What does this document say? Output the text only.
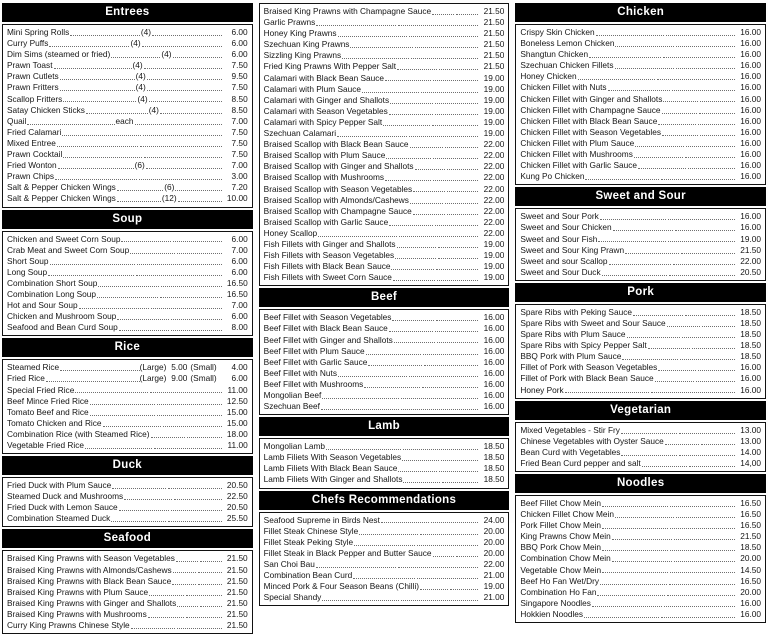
Entrees
Mini Spring Rolls	(4)	6.00
Curry Puffs	(4)	6.00
Dim Sims (steamed or fried)	(4)	6.00
Prawn Toast	(4)	7.50
Prawn Cutlets	(4)	9.50
Prawn Fritters	(4)	7.50
Scallop Fritters	(4)	8.50
Satay Chicken Sticks	(4)	8.50
Quail	each	7.00
Fried Calamari	7.50
Mixed Entree	7.50
Prawn Cocktail	7.50
Fried Wonton	(6)	7.00
Prawn Chips	3.00
Salt & Pepper Chicken Wings	(6)	7.20
Salt & Pepper Chicken Wings	(12)	10.00
Soup
Chicken and Sweet Corn Soup	6.00
Crab Meat and Sweet Corn Soup	7.00
Short Soup	6.00
Long Soup	6.00
Combination Short Soup	16.50
Combination Long Soup	16.50
Hot and Sour Soup	7.00
Chicken and Mushroom Soup	6.00
Seafood and Bean Curd Soup	8.00
Rice
Steamed Rice	(Large) 5.00 (Small)	4.00
Fried Rice	(Large) 9.00 (Small)	6.00
Special Fried Rice	11.00
Beef Mince Fried Rice	12.50
Tomato Beef and Rice	15.00
Tomato Chicken and Rice	15.00
Combination Rice (with Steamed Rice)	18.00
Vegetable Fried Rice	11.00
Duck
Fried Duck with Plum Sauce	20.50
Steamed Duck and Mushrooms	22.50
Fried Duck with Lemon Sauce	20.50
Combination Steamed Duck	25.50
Seafood
Braised King Prawns with Season Vegetables	21.50
Braised King Prawns with Almonds/Cashews	21.50
Braised King Prawns with Black Bean Sauce	21.50
Braised King Prawns with Plum Sauce	21.50
Braised King Prawns with Ginger and Shallots	21.50
Braised King Prawns with Mushrooms	21.50
Curry King Prawns Chinese Style	21.50
Braised King Prawns with Champagne Sauce	21.50
Garlic Prawns	21.50
Honey King Prawns	21.50
Szechuan King Prawns	21.50
Sizzling King Prawns	21.50
Fried King Prawns With Pepper Salt	21.50
Calamari with Black Bean Sauce	19.00
Calamari with Plum Sauce	19.00
Calamari with Ginger and Shallots	19.00
Calamari with Season Vegetables	19.00
Calamari with Spicy Pepper Salt	19.00
Szechuan Calamari	19.00
Braised Scallop with Black Bean Sauce	22.00
Braised Scallop with Plum Sauce	22.00
Braised Scallop with Ginger and Shallots	22.00
Braised Scallop with Mushrooms	22.00
Braised Scallop with Season Vegetables	22.00
Braised Scallop with Almonds/Cashews	22.00
Braised Scallop with Champagne Sauce	22.00
Braised Scallop with Garlic Sauce	22.00
Honey Scallop	22.00
Fish Fillets with Ginger and Shallots	19.00
Fish Fillets with Season Vegetables	19.00
Fish Fillets with Black Bean Sauce	19.00
Fish Fillets with Sweet Corn Sauce	19.00
Beef
Beef Fillet with Season Vegetables	16.00
Beef Fillet with Black Bean Sauce	16.00
Beef Fillet with Ginger and Shallots	16.00
Beef Fillet with Plum Sauce	16.00
Beef Fillet with Garlic Sauce	16.00
Beef Fillet with Nuts	16.00
Beef Fillet with Mushrooms	16.00
Mongolian Beef	16.00
Szechuan Beef	16.00
Lamb
Mongolian Lamb	18.50
Lamb Filiets With Season Vegetables	18.50
Lamb Filiets With Black Bean Sauce	18.50
Lamb Filiets With Ginger and Shallots	18.50
Chefs Recommendations
Seafood Supreme in Birds Nest	24.00
Fillet Steak Chinese Style	20.00
Fillet Steak Peking Style	20.00
Fillet Steak in Black Pepper and Butter Sauce	20.00
San Choi Bau	22.00
Combination Bean Curd	21.00
Minced Pork & Four Season Beans (Chilli)	19.00
Special Shandy	21.00
Chicken
Crispy Skin Chicken	16.00
Boneless Lemon Chicken	16.00
Shangtun Chicken	16.00
Szechuan Chicken Fillets	16.00
Honey Chicken	16.00
Chicken Fillet with Nuts	16.00
Chicken Fillet with Ginger and Shallots	16.00
Chicken Fillet with Champagne Sauce	16.00
Chicken Fillet with Black Bean Sauce	16.00
Chicken Fillet with Season Vegetables	16.00
Chicken Fillet with Plum Sauce	16.00
Chicken Fillet with Mushrooms	16.00
Chicken Fillet with Garlic Sauce	16.00
Kung Po Chicken	16.00
Sweet and Sour
Sweet and Sour Pork	16.00
Sweet and Sour Chicken	16.00
Sweet and Sour Fish	19.00
Sweet and Sour King Prawn	21.50
Sweet and sour Scallop	22.00
Sweet and Sour Duck	20.50
Pork
Spare Ribs with Peking Sauce	18.50
Spare Ribs with Sweet and Sour Sauce	18.50
Spare Ribs with Plum Sauce	18.50
Spare Ribs with Spicy Pepper Salt	18.50
BBQ Pork with Plum Sauce	18.50
Fillet of Pork with Season Vegetables	16.00
Fillet of Pork with Black Bean Sauce	16.00
Honey Pork	16.00
Vegetarian
Mixed Vegetables - Stir Fry	13.00
Chinese Vegetables with Oyster Sauce	13.00
Bean Curd with Vegetables	14.00
Fried Bean Curd pepper and salt	14,00
Noodles
Beef Fillet Chow Mein	16.50
Chicken Fillet Chow Mein	16.50
Pork Fillet Chow Mein	16.50
King Prawns Chow Mein	21.50
BBQ Pork Chow Mein	18.50
Combination Chow Mein	20.00
Vegetable Chow Mein	14.50
Beef Ho Fan Wet/Dry	16.50
Combination Ho Fan	20.00
Singapore Noodles	16.00
Hokkien Noodles	16.00
